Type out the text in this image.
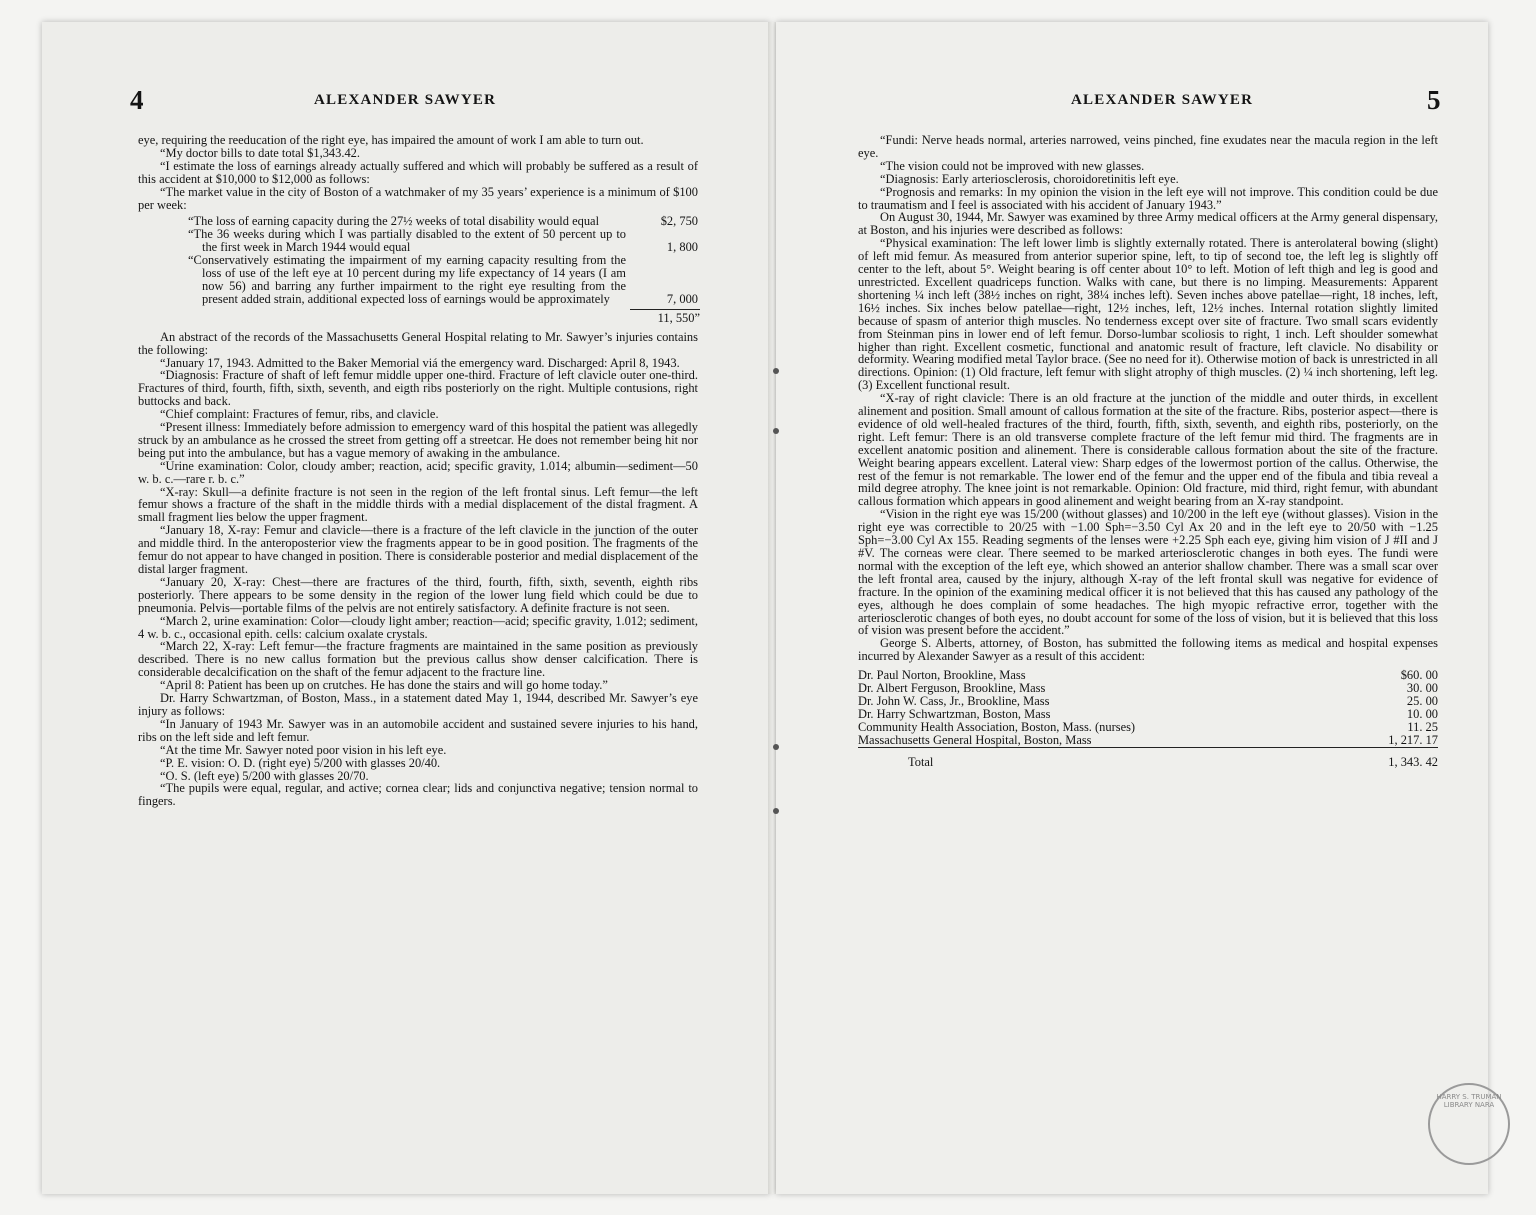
4	ALEXANDER SAWYER

eye, requiring the reeducation of the right eye, has impaired the amount of work I am able to turn out.

“My doctor bills to date total $1,343.42.

“I estimate the loss of earnings already actually suffered and which will probably be suffered as a result of this accident at $10,000 to $12,000 as follows:

“The market value in the city of Boston of a watchmaker of my 35 years’ experience is a minimum of $100 per week:

“The loss of earning capacity during the 27½ weeks of total disability would equal	$2, 750
“The 36 weeks during which I was partially disabled to the extent of 50 percent up to the first week in March 1944 would equal	1, 800
“Conservatively estimating the impairment of my earning capacity resulting from the loss of use of the left eye at 10 percent during my life expectancy of 14 years (I am now 56) and barring any further impairment to the right eye resulting from the present added strain, additional expected loss of earnings would be approximately	7, 000
11, 550”

An abstract of the records of the Massachusetts General Hospital relating to Mr. Sawyer’s injuries contains the following:

“January 17, 1943. Admitted to the Baker Memorial viá the emergency ward. Discharged: April 8, 1943.

“Diagnosis: Fracture of shaft of left femur middle upper one-third. Fracture of left clavicle outer one-third. Fractures of third, fourth, fifth, sixth, seventh, and eigth ribs posteriorly on the right. Multiple contusions, right buttocks and back.

“Chief complaint: Fractures of femur, ribs, and clavicle.

“Present illness: Immediately before admission to emergency ward of this hospital the patient was allegedly struck by an ambulance as he crossed the street from getting off a streetcar. He does not remember being hit nor being put into the ambulance, but has a vague memory of awaking in the ambulance.

“Urine examination: Color, cloudy amber; reaction, acid; specific gravity, 1.014; albumin—sediment—50 w. b. c.—rare r. b. c.”

“X-ray: Skull—a definite fracture is not seen in the region of the left frontal sinus. Left femur—the left femur shows a fracture of the shaft in the middle thirds with a medial displacement of the distal fragment. A small fragment lies below the upper fragment.

“January 18, X-ray: Femur and clavicle—there is a fracture of the left clavicle in the junction of the outer and middle third. In the anteroposterior view the fragments appear to be in good position. The fragments of the femur do not appear to have changed in position. There is considerable posterior and medial displacement of the distal larger fragment.

“January 20, X-ray: Chest—there are fractures of the third, fourth, fifth, sixth, seventh, eighth ribs posteriorly. There appears to be some density in the region of the lower lung field which could be due to pneumonia. Pelvis—portable films of the pelvis are not entirely satisfactory. A definite fracture is not seen.

“March 2, urine examination: Color—cloudy light amber; reaction—acid; specific gravity, 1.012; sediment, 4 w. b. c., occasional epith. cells: calcium oxalate crystals.

“March 22, X-ray: Left femur—the fracture fragments are maintained in the same position as previously described. There is no new callus formation but the previous callus show denser calcification. There is considerable decalcification on the shaft of the femur adjacent to the fracture line.

“April 8: Patient has been up on crutches. He has done the stairs and will go home today.”

Dr. Harry Schwartzman, of Boston, Mass., in a statement dated May 1, 1944, described Mr. Sawyer’s eye injury as follows:

“In January of 1943 Mr. Sawyer was in an automobile accident and sustained severe injuries to his hand, ribs on the left side and left femur.

“At the time Mr. Sawyer noted poor vision in his left eye.

“P. E. vision: O. D. (right eye) 5/200 with glasses 20/40.

“O. S. (left eye) 5/200 with glasses 20/70.

“The pupils were equal, regular, and active; cornea clear; lids and conjunctiva negative; tension normal to fingers.

ALEXANDER SAWYER	5

“Fundi: Nerve heads normal, arteries narrowed, veins pinched, fine exudates near the macula region in the left eye.

“The vision could not be improved with new glasses.

“Diagnosis: Early arteriosclerosis, choroidoretinitis left eye.

“Prognosis and remarks: In my opinion the vision in the left eye will not improve. This condition could be due to traumatism and I feel is associated with his accident of January 1943.”

On August 30, 1944, Mr. Sawyer was examined by three Army medical officers at the Army general dispensary, at Boston, and his injuries were described as follows:

“Physical examination: The left lower limb is slightly externally rotated. There is anterolateral bowing (slight) of left mid femur. As measured from anterior superior spine, left, to tip of second toe, the left leg is slightly off center to the left, about 5°. Weight bearing is off center about 10° to left. Motion of left thigh and leg is good and unrestricted. Excellent quadriceps function. Walks with cane, but there is no limping. Measurements: Apparent shortening ¼ inch left (38½ inches on right, 38¼ inches left). Seven inches above patellae—right, 18 inches, left, 16½ inches. Six inches below patellae—right, 12½ inches, left, 12½ inches. Internal rotation slightly limited because of spasm of anterior thigh muscles. No tenderness except over site of fracture. Two small scars evidently from Steinman pins in lower end of left femur. Dorso-lumbar scoliosis to right, 1 inch. Left shoulder somewhat higher than right. Excellent cosmetic, functional and anatomic result of fracture, left clavicle. No disability or deformity. Wearing modified metal Taylor brace. (See no need for it). Otherwise motion of back is unrestricted in all directions. Opinion: (1) Old fracture, left femur with slight atrophy of thigh muscles. (2) ¼ inch shortening, left leg. (3) Excellent functional result.

“X-ray of right clavicle: There is an old fracture at the junction of the middle and outer thirds, in excellent alinement and position. Small amount of callous formation at the site of the fracture. Ribs, posterior aspect—there is evidence of old well-healed fractures of the third, fourth, fifth, sixth, seventh, and eighth ribs, posteriorly, on the right. Left femur: There is an old transverse complete fracture of the left femur mid third. The fragments are in excellent anatomic position and alinement. There is considerable callous formation about the site of the fracture. Weight bearing appears excellent. Lateral view: Sharp edges of the lowermost portion of the callus. Otherwise, the rest of the femur is not remarkable. The lower end of the femur and the upper end of the fibula and tibia reveal a mild degree atrophy. The knee joint is not remarkable. Opinion: Old fracture, mid third, right femur, with abundant callous formation which appears in good alinement and weight bearing from an X-ray standpoint.

“Vision in the right eye was 15/200 (without glasses) and 10/200 in the left eye (without glasses). Vision in the right eye was correctible to 20/25 with −1.00 Sph=−3.50 Cyl Ax 20 and in the left eye to 20/50 with −1.25 Sph=−3.00 Cyl Ax 155. Reading segments of the lenses were +2.25 Sph each eye, giving him vision of J #II and J #V. The corneas were clear. There seemed to be marked arteriosclerotic changes in both eyes. The fundi were normal with the exception of the left eye, which showed an anterior shallow chamber. There was a small scar over the left frontal area, caused by the injury, although X-ray of the left frontal skull was negative for evidence of fracture. In the opinion of the examining medical officer it is not believed that this has caused any pathology of the eyes, although he does complain of some headaches. The high myopic refractive error, together with the arteriosclerotic changes of both eyes, no doubt account for some of the loss of vision, but it is believed that this loss of vision was present before the accident.”

George S. Alberts, attorney, of Boston, has submitted the following items as medical and hospital expenses incurred by Alexander Sawyer as a result of this accident:

Dr. Paul Norton, Brookline, Mass		$60. 00
Dr. Albert Ferguson, Brookline, Mass		30. 00
Dr. John W. Cass, Jr., Brookline, Mass		25. 00
Dr. Harry Schwartzman, Boston, Mass		10. 00
Community Health Association, Boston, Mass. (nurses)		11. 25
Massachusetts General Hospital, Boston, Mass		1, 217. 17
Total		1, 343. 42
HARRY S. TRUMAN LIBRARY NARA
